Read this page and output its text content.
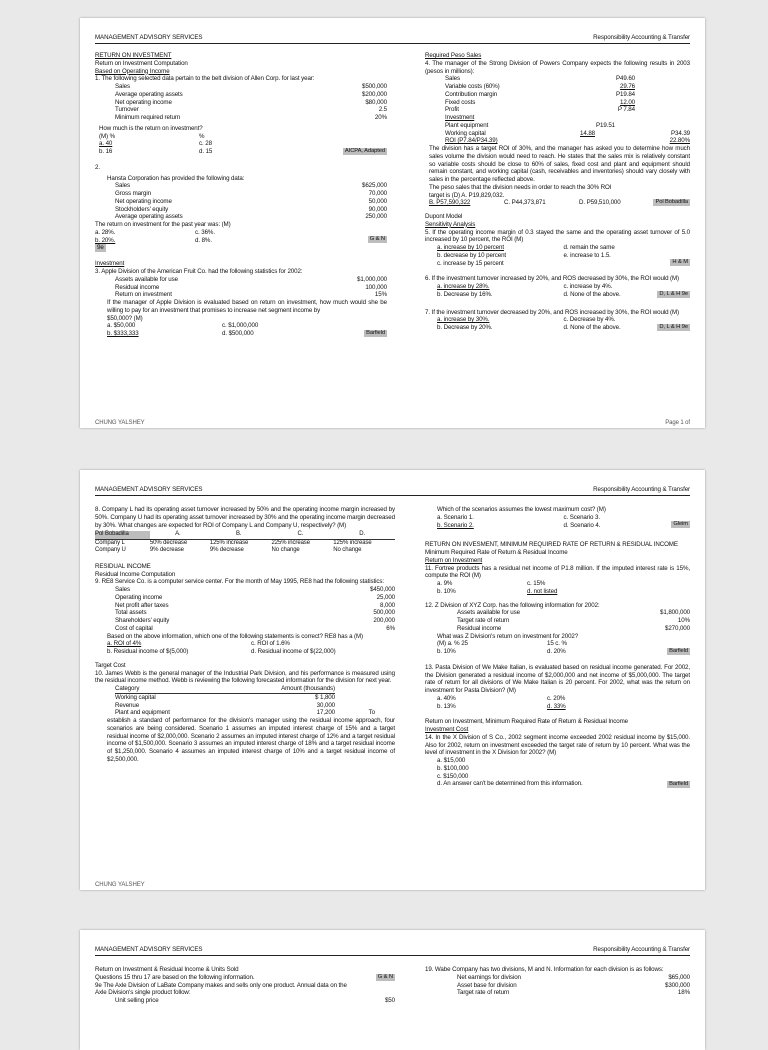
MANAGEMENT ADVISORY SERVICES	Responsibility Accounting & Transfer
RETURN ON INVESTMENT
Return on Investment Computation
Based on Operating Income
1. The following selected data pertain to the belt division of Allen Corp. for last year:
Sales	$500,000
Average operating assets	$200,000
Net operating income	$80,000
Turnover	2.5
Minimum required return	20%
How much is the return on investment?
(M) %	%
a. 40	c. 28
b. 16	d. 15	AICPA, Adapted
2.
Hansta Corporation has provided the following data:
Sales	$625,000
Gross margin	70,000
Net operating income	50,000
Stockholders' equity	90,000
Average operating assets	250,000
The return on investment for the past year was: (M)
a. 28%.	c. 36%.
b. 20%.	d. 8%.	G & N
9e
Investment
3. Apple Division of the American Fruit Co. had the following statistics for 2002:
Assets available for use	$1,000,000
Residual income	100,000
Return on investment	15%
If the manager of Apple Division is evaluated based on return on investment, how much would she be willing to pay for an investment that promises to increase net segment income by
$50,000? (M)
a. $50,000	c. $1,000,000
b. $333,333	d. $500,000	Barfield
Required Peso Sales
4. The manager of the Strong Division of Powers Company expects the following results in 2003 (pesos in millions):
Sales	P49.60
Variable costs (60%)	29.76
Contribution margin	P19.84
Fixed costs	12.00
Profit	P 7.84
Investment
Plant equipment	P19.51
Working capital	14.88	P34.39
ROI (P7.84/P34.39)	22.80%
The division has a target ROI of 30%, and the manager has asked you to determine how much sales volume the division would need to reach. He states that the sales mix is relatively constant so variable costs should be close to 60% of sales, fixed cost and plant and equipment should remain constant, and working capital (cash, receivables and inventories) should vary closely with sales in the percentage reflected above.
The peso sales that the division needs in order to reach the 30% ROI
target is (D) A. P19,829,032.
B. P57,590,322	C. P44,373,871	D. P59,510,000	Pol Bobadilla
Dupont Model
Sensitivity Analysis
5. If the operating income margin of 0.3 stayed the same and the operating asset turnover of 5.0 increased by 10 percent, the ROI (M)
a. increase by 10 percent	d. remain the same
b. decrease by 10 percent	e. increase to 1.5.
c. increase by 15 percent	H & M
6. If the investment turnover increased by 20%, and ROS decreased by 30%, the ROI would (M)
a. increase by 28%.	c. increase by 4%.
b. Decrease by 16%.	d. None of the above.	D, L & H 9e
7. If the investment turnover decreased by 20%, and ROS increased by 30%, the ROI would (M)
a. increase by 30%.	c. Decrease by 4%.
b. Decrease by 20%.	d. None of the above.	D, L & H 9e
CHUNG YALSHEY	Page 1 of
MANAGEMENT ADVISORY SERVICES	Responsibility Accounting & Transfer
8. Company L had its operating asset turnover increased by 50% and the operating income margin increased by 50%. Company U had its operating asset turnover increased by 30% and the operating income margin decreased by 30%. What changes are expected for ROI of Company L and Company U, respectively? (M)
Pol Bobadilla	A.	B.	C.	D.
Company L	50% decrease	125% increase	225% increase	125% increase
Company U	9% decrease	9% decrease	No change	No change
RESIDUAL INCOME
Residual Income Computation
9. RE8 Service Co. is a computer service center. For the month of May 1995, RE8 had the following statistics:
Sales	$450,000
Operating income	25,000
Net profit after taxes	8,000
Total assets	500,000
Shareholders' equity	200,000
Cost of capital	6%
Based on the above information, which one of the following statements is correct? RE8 has a (M)
a. ROI of 4%	c. ROI of 1.6%
b. Residual income of $(5,000)	d. Residual income of $(22,000)
Target Cost
10. James Webb is the general manager of the Industrial Park Division, and his performance is measured using the residual income method. Webb is reviewing the following forecasted information for the division for next year.
Category	Amount (thousands)
Working capital	$ 1,800
Revenue	30,000
Plant and equipment	17,200	To
establish a standard of performance for the division's manager using the residual income approach, four scenarios are being considered. Scenario 1 assumes an imputed interest charge of 15% and a target residual income of $2,000,000. Scenario 2 assumes an imputed interest charge of 12% and a target residual income of $1,500,000. Scenario 3 assumes an imputed interest charge of 18% and a target residual income of $1,250,000. Scenario 4 assumes an imputed interest charge of 10% and a target residual income of $2,500,000.
Which of the scenarios assumes the lowest maximum cost? (M)
a. Scenario 1.	c. Scenario 3.
b. Scenario 2.	d. Scenario 4.	Gleim
RETURN ON INVESMENT, MINIMUM REQUIRED RATE OF RETURN & RESIDUAL INCOME
Minimum Required Rate of Return & Residual Income
Return on Investment
11. Fortree products has a residual net income of P1.8 million. If the imputed interest rate is 15%, compute the ROI (M)
a. 9%	c. 15%
b. 10%	d. not listed
12. Z Division of XYZ Corp. has the following information for 2002:
Assets available for use	$1,800,000
Target rate of return	10%
Residual income	$270,000
What was Z Division's return on investment for 2002?
(M) a. % 25	15 c. %
b. 10%	d. 20%	Barfield
13. Pasta Division of We Make Italian, is evaluated based on residual income generated. For 2002, the Division generated a residual income of $2,000,000 and net income of $5,000,000. The target rate of return for all divisions of We Make Italian is 20 percent. For 2002, what was the return on investment for Pasta Division? (M)
a. 40%	c. 20%
b. 13%	d. 33%
Return on Investment, Minimum Required Rate of Return & Residual Income
Investment Cost
14. In the X Division of S Co., 2002 segment income exceeded 2002 residual income by $15,000. Also for 2002, return on investment exceeded the target rate of return by 10 percent. What was the level of investment in the X Division for 2002? (M)
a. $15,000
b. $100,000
c. $150,000
d. An answer can't be determined from this information.	Barfield
CHUNG YALSHEY
MANAGEMENT ADVISORY SERVICES	Responsibility Accounting & Transfer
Return on Investment & Residual Income & Units Sold
Questions 15 thru 17 are based on the following information.	G & N
9e The Axle Division of LaBate Company makes and sells only one product. Annual data on the
Axle Division's single product follow:
Unit selling price	$50
19. Wabe Company has two divisions, M and N. Information for each division is as follows:
Net earnings for division	$65,000
Asset base for division	$300,000
Target rate of return	18%
